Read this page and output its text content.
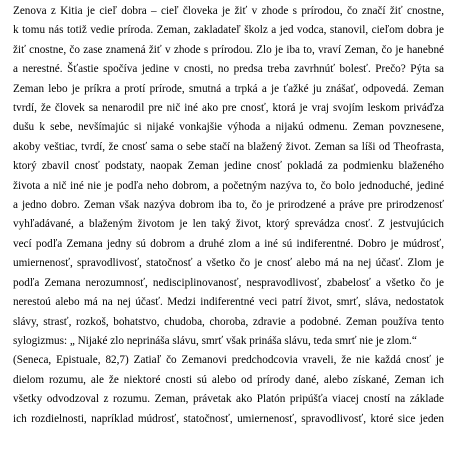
Zenova z Kitia je cieľ dobra – cieľ človeka je žiť v zhode s prírodou, čo značí žiť cnostne,
k tomu nás totiž vedie príroda. Zeman, zakladateľ školz a jed vodca, stanovil, cieľom dobra je
žiť cnostne, čo zase znamená žiť v zhode s prírodou. Zlo je iba to, vraví Zeman, čo je hanebné
a nerestné. Šťastie spočíva jedine v cnosti, no predsa treba zavrhnúť bolesť. Prečo? Pýta sa
Zeman lebo je príkra a protí prírode, smutná a trpká a je ťažké ju znášať, odpovedá. Zeman
tvrdí, že človek sa nenarodil pre nič iné ako pre cnosť, ktorá je vraj svojím leskom priváďza
dušu k sebe, nevšímajúc si nijaké vonkajšie výhoda a nijakú odmenu. Zeman povznesene,
akoby veštiac, tvrdí, že cnosť sama o sebe stačí na blažený život. Zeman sa líši od Theofrasta,
ktorý zbavil cnosť podstaty, naopak Zeman jedine cnosť pokladá za podmienku blaženého
života a nič iné nie je podľa neho dobrom, a početným nazýva to, čo bolo jednoduché, jediné
a jedno dobro. Zeman však nazýva dobrom iba to, čo je prirodzené a práve pre prirodzenosť
vyhľadávané, a blaženým životom je len taký život, ktorý sprevádza cnosť. Z jestvujúcich
vecí podľa Zemana jedny sú dobrom a druhé zlom a iné sú indiferentné. Dobro je múdrosť,
umiernenosť, spravodlivosť, statočnosť a všetko čo je cnosť alebo má na nej účasť. Zlom je
podľa Zemana nerozumnosť, nedisciplinovanosť, nespravodlivosť, zbabelosť a všetko čo je
nerestoú alebo má na nej účasť. Medzi indiferentné veci patrí život, smrť, sláva, nedostatok
slávy, strasť, rozkoš, bohatstvo, chudoba, choroba, zdravie a podobné. Zeman používa tento
sylogizmus: „ Nijaké zlo neprináša slávu, smrť však prináša slávu, teda smrť nie je zlom.“
(Seneca, Epistuale, 82,7) Zatiaľ čo Zemanovi predchodcovia vraveli, že nie každá cnosť je
dielom rozumu, ale že niektoré cnosti sú alebo od prírody dané, alebo získané, Zeman ich
všetky odvodzoval z rozumu. Zeman, právetak ako Platón pripúšťa viacej cností na základe
ich rozdielnosti, napríklad múdrosť, statočnosť, umiernenosť, spravodlivosť, ktoré sice jeden
